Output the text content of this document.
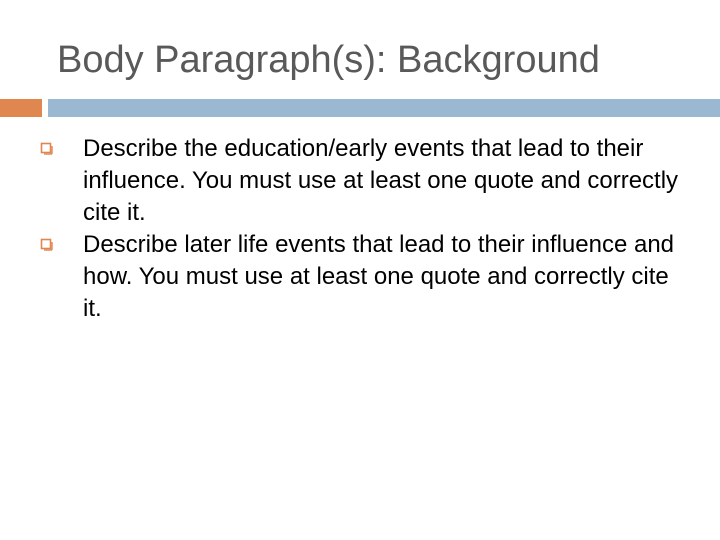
Body Paragraph(s): Background
Describe the education/early events that lead to their influence. You must use at least one quote and correctly cite it.
Describe later life events that lead to their influence and how. You must use at least one quote and correctly cite it.
